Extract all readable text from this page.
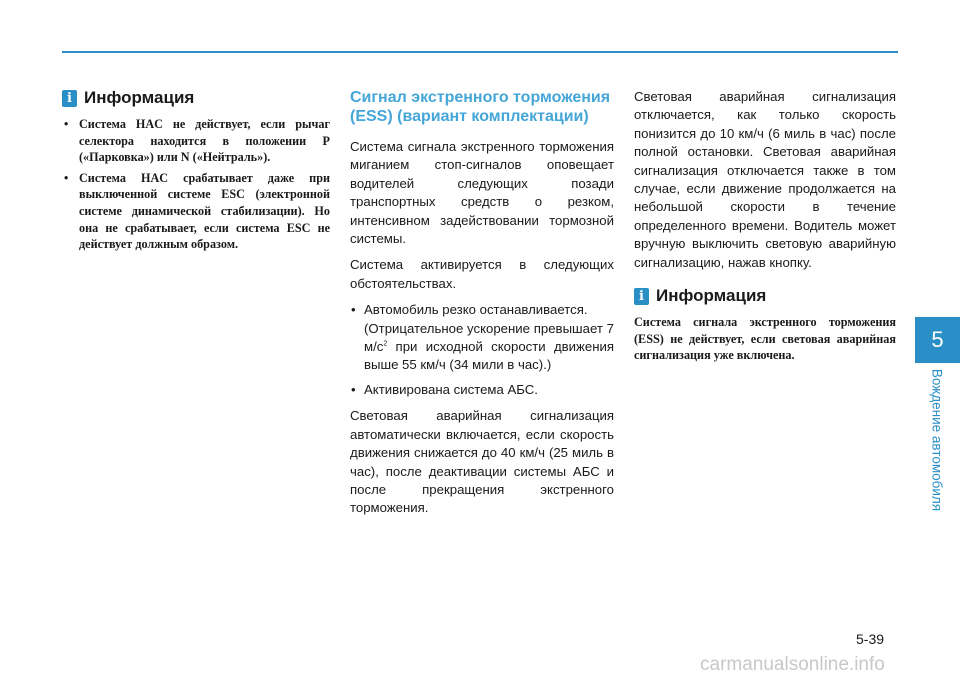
i Информация
• Система HAC не действует, если рычаг селектора находится в положении P («Парковка») или N («Нейтраль»).
• Система HAC срабатывает даже при выключенной системе ESC (электронной системе динамической стабилизации). Но она не срабатывает, если система ESC не действует должным образом.
Сигнал экстренного торможения (ESS) (вариант комплектации)

Система сигнала экстренного торможения миганием стоп-сигналов оповещает водителей следующих позади транспортных средств о резком, интенсивном задействовании тормозной системы.

Система активируется в следующих обстоятельствах.

• Автомобиль резко останавливается.
(Отрицательное ускорение превышает 7 $м/с^2$ при исходной скорости движения выше 55 км/ч (34 мили в час).)
• Активирована система АБС.

Световая аварийная сигнализация автоматически включается, если скорость движения снижается до 40 км/ч (25 миль в час), после деактивации системы АБС и после прекращения экстренного торможения.

Световая аварийная сигнализация отключается, как только скорость понизится до 10 км/ч (6 миль в час) после полной остановки. Световая аварийная сигнализация отключается также в том случае, если движение продолжается на небольшой скорости в течение определенного времени. Водитель может вручную выключить световую аварийную сигнализацию, нажав кнопку.

i Информация

Система сигнала экстренного торможения (ESS) не действует, если световая аварийная сигнализация уже включена.

5
Вождение автомобиля
5-39
carmanualsonline.info
